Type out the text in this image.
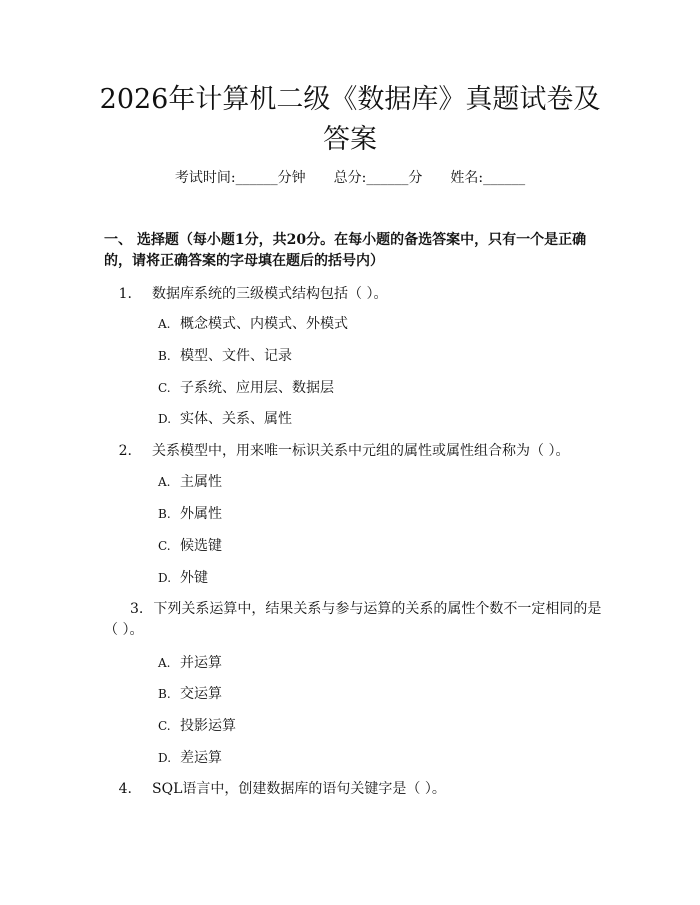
2026年计算机二级《数据库》真题试卷及答案
考试时间:______分钟 总分:______分 姓名:______

一、 选择题（每小题1分，共20分。在每小题的备选答案中，只有一个是正确的，请将正确答案的字母填在题后的括号内）

1. 数据库系统的三级模式结构包括（ ）。
A. 概念模式、内模式、外模式
B. 模型、文件、记录
C. 子系统、应用层、数据层
D. 实体、关系、属性
2. 关系模型中，用来唯一标识关系中元组的属性或属性组合称为（ ）。
A. 主属性
B. 外属性
C. 候选键
D. 外键
3. 下列关系运算中，结果关系与参与运算的关系的属性个数不一定相同的是（ ）。
A. 并运算
B. 交运算
C. 投影运算
D. 差运算
4. SQL语言中，创建数据库的语句关键字是（ ）。
